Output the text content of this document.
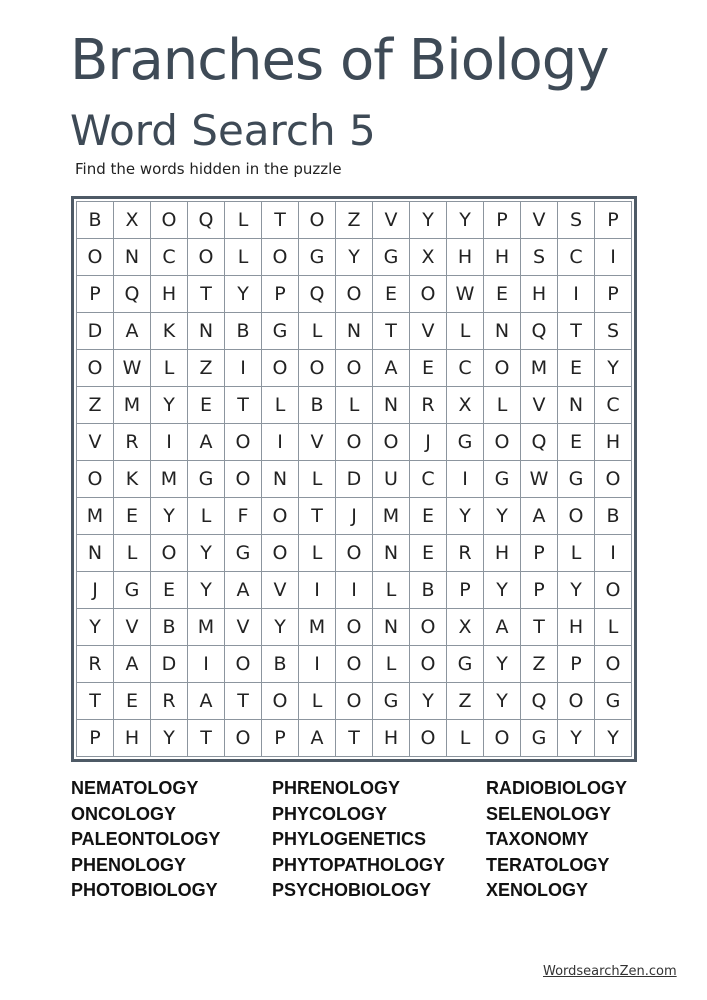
Branches of Biology
Word Search 5
Find the words hidden in the puzzle
B	X	O	Q	L	T	O	Z	V	Y	Y	P	V	S	P
O	N	C	O	L	O	G	Y	G	X	H	H	S	C	I
P	Q	H	T	Y	P	Q	O	E	O	W	E	H	I	P
D	A	K	N	B	G	L	N	T	V	L	N	Q	T	S
O	W	L	Z	I	O	O	O	A	E	C	O	M	E	Y
Z	M	Y	E	T	L	B	L	N	R	X	L	V	N	C
V	R	I	A	O	I	V	O	O	J	G	O	Q	E	H
O	K	M	G	O	N	L	D	U	C	I	G	W	G	O
M	E	Y	L	F	O	T	J	M	E	Y	Y	A	O	B
N	L	O	Y	G	O	L	O	N	E	R	H	P	L	I
J	G	E	Y	A	V	I	I	L	B	P	Y	P	Y	O
Y	V	B	M	V	Y	M	O	N	O	X	A	T	H	L
R	A	D	I	O	B	I	O	L	O	G	Y	Z	P	O
T	E	R	A	T	O	L	O	G	Y	Z	Y	Q	O	G
P	H	Y	T	O	P	A	T	H	O	L	O	G	Y	Y
NEMATOLOGY
ONCOLOGY
PALEONTOLOGY
PHENOLOGY
PHOTOBIOLOGY
PHRENOLOGY
PHYCOLOGY
PHYLOGENETICS
PHYTOPATHOLOGY
PSYCHOBIOLOGY
RADIOBIOLOGY
SELENOLOGY
TAXONOMY
TERATOLOGY
XENOLOGY
WordsearchZen.com
